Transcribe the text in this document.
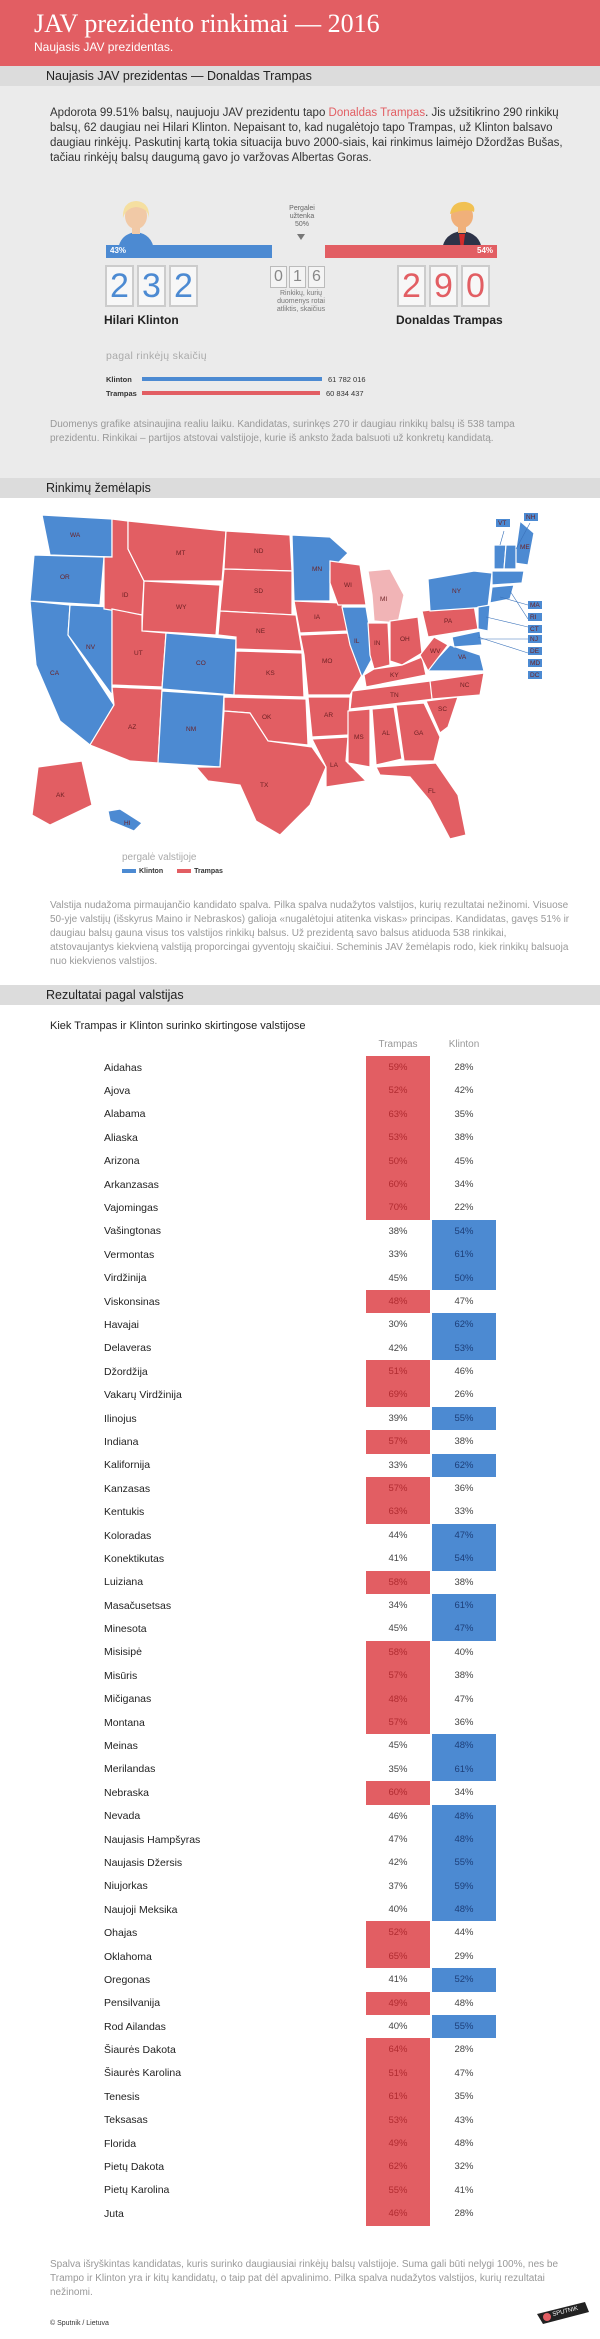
JAV prezidento rinkimai — 2016
Naujasis JAV prezidentas.
Naujasis JAV prezidentas — Donaldas Trampas
Apdorota 99.51% balsų, naujuoju JAV prezidentu tapo Donaldas Trampas. Jis užsitikrino 290 rinkikų balsų, 62 daugiau nei Hilari Klinton. Nepaisant to, kad nugalėtojo tapo Trampas, už Klinton balsavo daugiau rinkėjų. Paskutinį kartą tokia situacija buvo 2000-siais, kai rinkimus laimėjo Džordžas Bušas, tačiau rinkėjų balsų daugumą gavo jo varžovas Albertas Goras.
43%	54%
Pergalei užtenka 50%
2 3 2	0 1 6
Rinkikų, kurių duomenys rotai atliktis, skaičius
2 9 0
Hilari Klinton	Donaldas Trampas
pagal rinkėjų skaičių
Klinton	61 782 016
Trampas	60 834 437
Duomenys grafike atsinaujina realiu laiku. Kandidatas, surinkęs 270 ir daugiau rinkikų balsų iš 538 tampa prezidentu. Rinkikai – partijos atstovai valstijoje, kurie iš anksto žada balsuoti už konkretų kandidatą.
Rinkimų žemėlapis
WA
OR
CA
NV
ID
MT
WY
UT
AZ
CO
NM
ND
SD
NE
KS
OK
TX
MN
IA
MO
AR
LA
WI
IL
MI
IN
OH
KY
TN
MS
AL	GA
FL
SC
NC
VA
WV
PA
NY
ME
VT
NH
MA
RI
CT
NJ
DE
MD
DC
AK
HI
pergalė valstijoje
Klinton	Trampas
Valstija nudažoma pirmaujančio kandidato spalva. Pilka spalva nudažytos valstijos, kurių rezultatai nežinomi. Visuose 50-yje valstijų (išskyrus Maino ir Nebraskos) galioja «nugalėtojui atitenka viskas» principas. Kandidatas, gavęs 51% ir daugiau balsų gauna visus tos valstijos rinkikų balsus. Už prezidentą savo balsus atiduoda 538 rinkikai, atstovaujantys kiekvieną valstiją proporcingai gyventojų skaičiui. Scheminis JAV žemėlapis rodo, kiek rinkikų balsuoja nuo kiekvienos valstijos.
Rezultatai pagal valstijas
Kiek Trampas ir Klinton surinko skirtingose valstijose
Trampas	Klinton
Aidahas	59%	28%
Ajova	52%	42%
Alabama	63%	35%
Aliaska	53%	38%
Arizona	50%	45%
Arkanzasas	60%	34%
Vajomingas	70%	22%
Vašingtonas	38%	54%
Vermontas	33%	61%
Virdžinija	45%	50%
Viskonsinas	48%	47%
Havajai	30%	62%
Delaveras	42%	53%
Džordžija	51%	46%
Vakarų Virdžinija	69%	26%
Ilinojus	39%	55%
Indiana	57%	38%
Kalifornija	33%	62%
Kanzasas	57%	36%
Kentukis	63%	33%
Koloradas	44%	47%
Konektikutas	41%	54%
Luiziana	58%	38%
Masačusetsas	34%	61%
Minesota	45%	47%
Misisipė	58%	40%
Misūris	57%	38%
Mičiganas	48%	47%
Montana	57%	36%
Meinas	45%	48%
Merilandas	35%	61%
Nebraska	60%	34%
Nevada	46%	48%
Naujasis Hampšyras	47%	48%
Naujasis Džersis	42%	55%
Niujorkas	37%	59%
Naujoji Meksika	40%	48%
Ohajas	52%	44%
Oklahoma	65%	29%
Oregonas	41%	52%
Pensilvanija	49%	48%
Rod Ailandas	40%	55%
Šiaurės Dakota	64%	28%
Šiaurės Karolina	51%	47%
Tenesis	61%	35%
Teksasas	53%	43%
Florida	49%	48%
Pietų Dakota	62%	32%
Pietų Karolina	55%	41%
Juta	46%	28%
Spalva išryškintas kandidatas, kuris surinko daugiausiai rinkėjų balsų valstijoje. Suma gali būti nelygi 100%, nes be Trampo ir Klinton yra ir kitų kandidatų, o taip pat dėl apvalinimo. Pilka spalva nudažytos valstijos, kurių rezultatai nežinomi.
© Sputnik / Lietuva
SPUTNIK
